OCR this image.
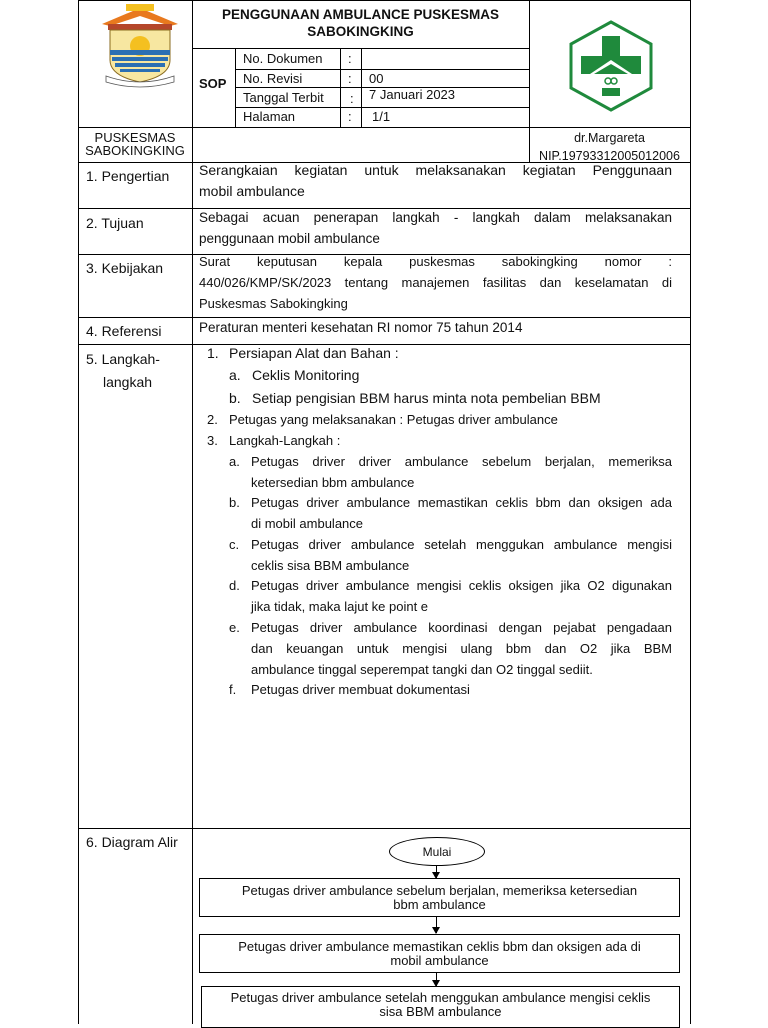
PENGGUNAAN AMBULANCE PUSKESMAS
SABOKINGKING
SOP
No. Dokumen :
No. Revisi	: 00
Tanggal Terbit : 7 Januari 2023
Halaman	: 1/1
PUSKESMAS
SABOKINGKING
dr.Margareta
NIP.19793312005012006
1. Pengertian Serangkaian kegiatan untuk melaksanakan kegiatan Penggunaan
mobil ambulance
2. Tujuan	Sebagai acuan penerapan langkah - langkah dalam melaksanakan
penggunaan mobil ambulance
3. Kebijakan	Surat keputusan kepala puskesmas sabokingking nomor :
440/026/KMP/SK/2023 tentang manajemen fasilitas dan keselamatan di
Puskesmas Sabokingking
4. Referensi	Peraturan menteri kesehatan RI nomor 75 tahun 2014
5. Langkah-
langkah
1. Persiapan Alat dan Bahan :
a. Ceklis Monitoring
b. Setiap pengisian BBM harus minta nota pembelian BBM
2. Petugas yang melaksanakan : Petugas driver ambulance
3. Langkah-Langkah :
a. Petugas driver driver ambulance sebelum berjalan, memeriksa
ketersedian bbm ambulance
b. Petugas driver ambulance memastikan ceklis bbm dan oksigen ada
di mobil ambulance
c. Petugas driver ambulance setelah menggukan ambulance mengisi
ceklis sisa BBM ambulance
d. Petugas driver ambulance mengisi ceklis oksigen jika O2 digunakan
jika tidak, maka lajut ke point e
e. Petugas driver ambulance koordinasi dengan pejabat pengadaan
dan keuangan untuk mengisi ulang bbm dan O2 jika BBM
ambulance tinggal seperempat tangki dan O2 tinggal sediit.
f. Petugas driver membuat dokumentasi
6. Diagram Alir
Mulai
Petugas driver ambulance sebelum berjalan, memeriksa ketersedian
bbm ambulance
Petugas driver ambulance memastikan ceklis bbm dan oksigen ada di
mobil ambulance
Petugas driver ambulance setelah menggukan ambulance mengisi ceklis
sisa BBM ambulance
